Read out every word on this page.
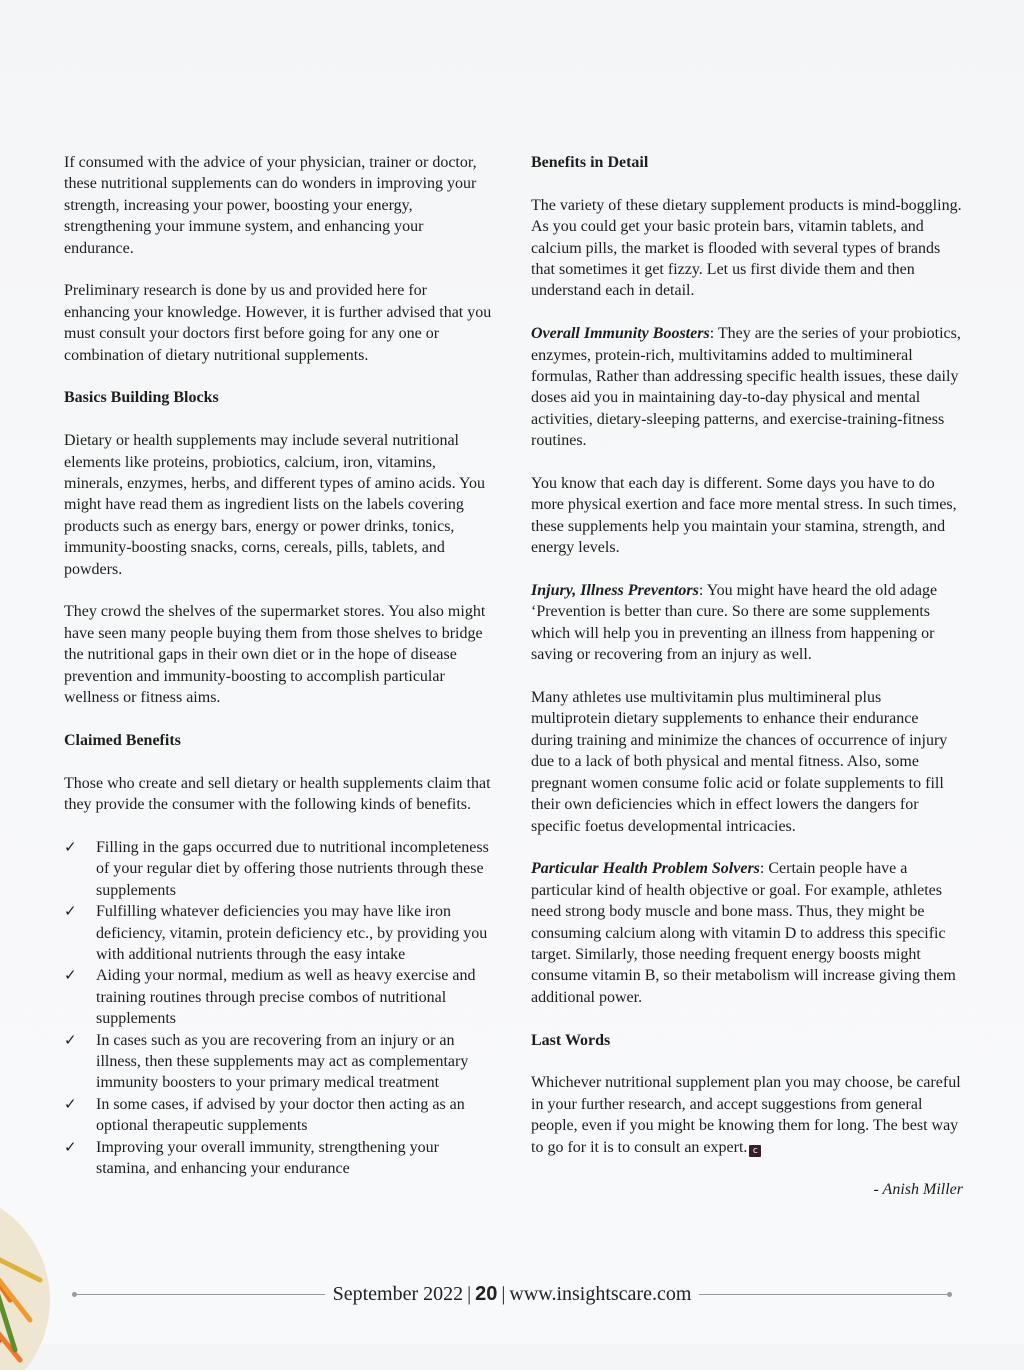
If consumed with the advice of your physician, trainer or doctor, these nutritional supplements can do wonders in improving your strength, increasing your power, boosting your energy, strengthening your immune system, and enhancing your endurance.

Preliminary research is done by us and provided here for enhancing your knowledge. However, it is further advised that you must consult your doctors first before going for any one or combination of dietary nutritional supplements.

Basics Building Blocks

Dietary or health supplements may include several nutritional elements like proteins, probiotics, calcium, iron, vitamins, minerals, enzymes, herbs, and different types of amino acids. You might have read them as ingredient lists on the labels covering products such as energy bars, energy or power drinks, tonics, immunity-boosting snacks, corns, cereals, pills, tablets, and powders.

They crowd the shelves of the supermarket stores. You also might have seen many people buying them from those shelves to bridge the nutritional gaps in their own diet or in the hope of disease prevention and immunity-boosting to accomplish particular wellness or fitness aims.

Claimed Benefits

Those who create and sell dietary or health supplements claim that they provide the consumer with the following kinds of benefits.

✓ Filling in the gaps occurred due to nutritional incompleteness of your regular diet by offering those nutrients through these supplements
✓ Fulfilling whatever deficiencies you may have like iron deficiency, vitamin, protein deficiency etc., by providing you with additional nutrients through the easy intake
✓ Aiding your normal, medium as well as heavy exercise and training routines through precise combos of nutritional supplements
✓ In cases such as you are recovering from an injury or an illness, then these supplements may act as complementary immunity boosters to your primary medical treatment
✓ In some cases, if advised by your doctor then acting as an optional therapeutic supplements
✓ Improving your overall immunity, strengthening your stamina, and enhancing your endurance

Benefits in Detail

The variety of these dietary supplement products is mind-boggling. As you could get your basic protein bars, vitamin tablets, and calcium pills, the market is flooded with several types of brands that sometimes it get fizzy. Let us first divide them and then understand each in detail.

Overall Immunity Boosters: They are the series of your probiotics, enzymes, protein-rich, multivitamins added to multimineral formulas, Rather than addressing specific health issues, these daily doses aid you in maintaining day-to-day physical and mental activities, dietary-sleeping patterns, and exercise-training-fitness routines.

You know that each day is different. Some days you have to do more physical exertion and face more mental stress. In such times, these supplements help you maintain your stamina, strength, and energy levels.

Injury, Illness Preventors: You might have heard the old adage ‘Prevention is better than cure. So there are some supplements which will help you in preventing an illness from happening or saving or recovering from an injury as well.

Many athletes use multivitamin plus multimineral plus multiprotein dietary supplements to enhance their endurance during training and minimize the chances of occurrence of injury due to a lack of both physical and mental fitness. Also, some pregnant women consume folic acid or folate supplements to fill their own deficiencies which in effect lowers the dangers for specific foetus developmental intricacies.

Particular Health Problem Solvers: Certain people have a particular kind of health objective or goal. For example, athletes need strong body muscle and bone mass. Thus, they might be consuming calcium along with vitamin D to address this specific target. Similarly, those needing frequent energy boosts might consume vitamin B, so their metabolism will increase giving them additional power.

Last Words

Whichever nutritional supplement plan you may choose, be careful in your further research, and accept suggestions from general people, even if you might be knowing them for long. The best way to go for it is to consult an expert. c

- Anish Miller
September 2022 | 20 | www.insightscare.com
